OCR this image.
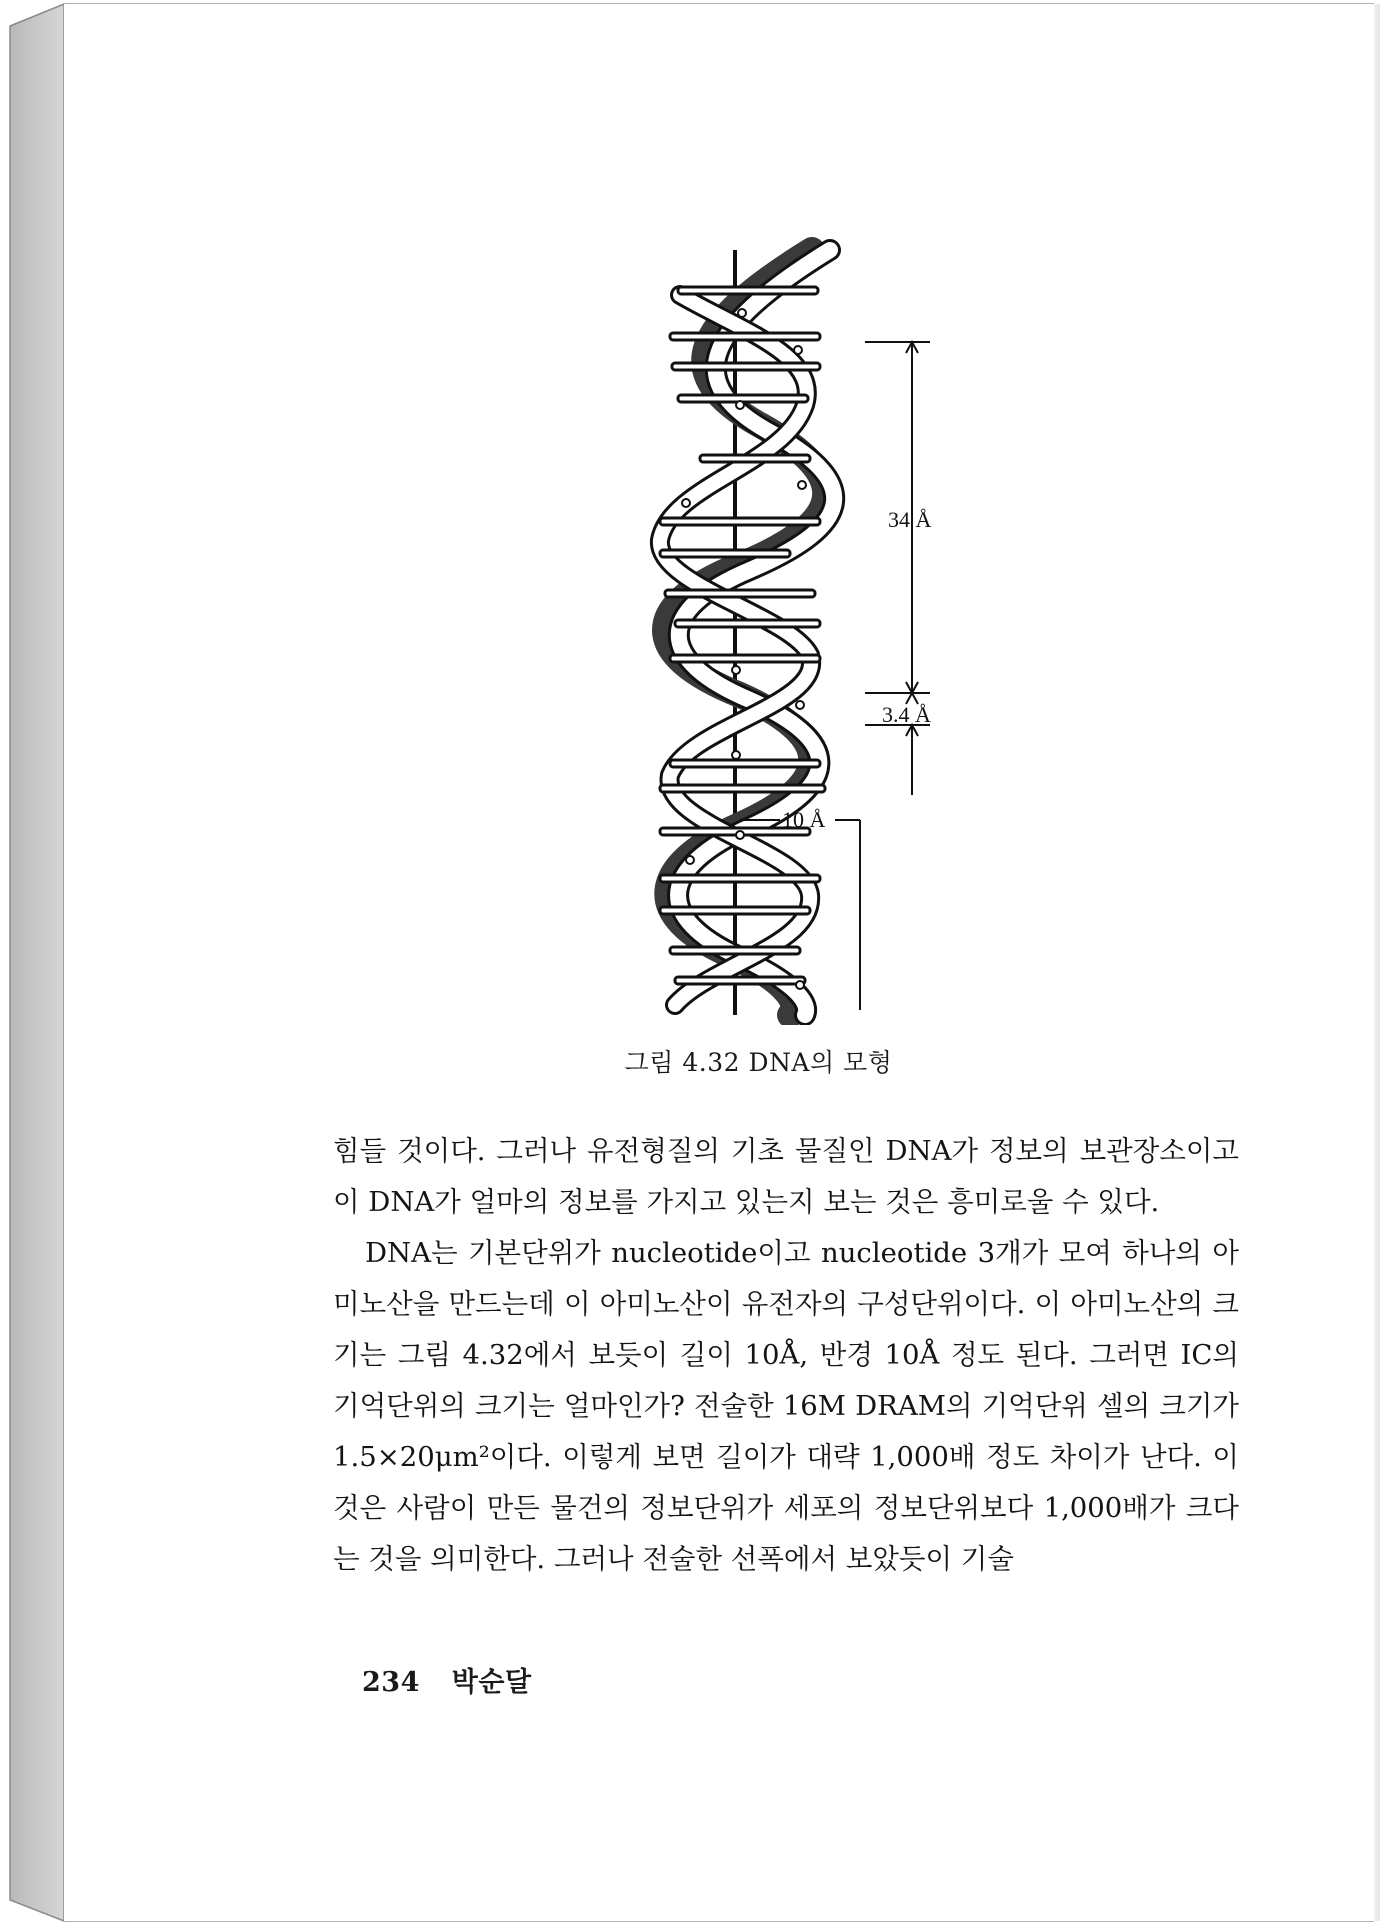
34 Å
3.4 Å
10 Å
그림 4.32 DNA의 모형

힘들 것이다. 그러나 유전형질의 기초 물질인 DNA가 정보의 보관장소이고 이 DNA가 얼마의 정보를 가지고 있는지 보는 것은 흥미로울 수 있다.

DNA는 기본단위가 nucleotide이고 nucleotide 3개가 모여 하나의 아미노산을 만드는데 이 아미노산이 유전자의 구성단위이다. 이 아미노산의 크기는 그림 4.32에서 보듯이 길이 10Å, 반경 10Å 정도 된다. 그러면 IC의 기억단위의 크기는 얼마인가? 전술한 16M DRAM의 기억단위 셀의 크기가 1.5×20μm²이다. 이렇게 보면 길이가 대략 1,000배 정도 차이가 난다. 이것은 사람이 만든 물건의 정보단위가 세포의 정보단위보다 1,000배가 크다는 것을 의미한다. 그러나 전술한 선폭에서 보았듯이 기술

234 박순달
